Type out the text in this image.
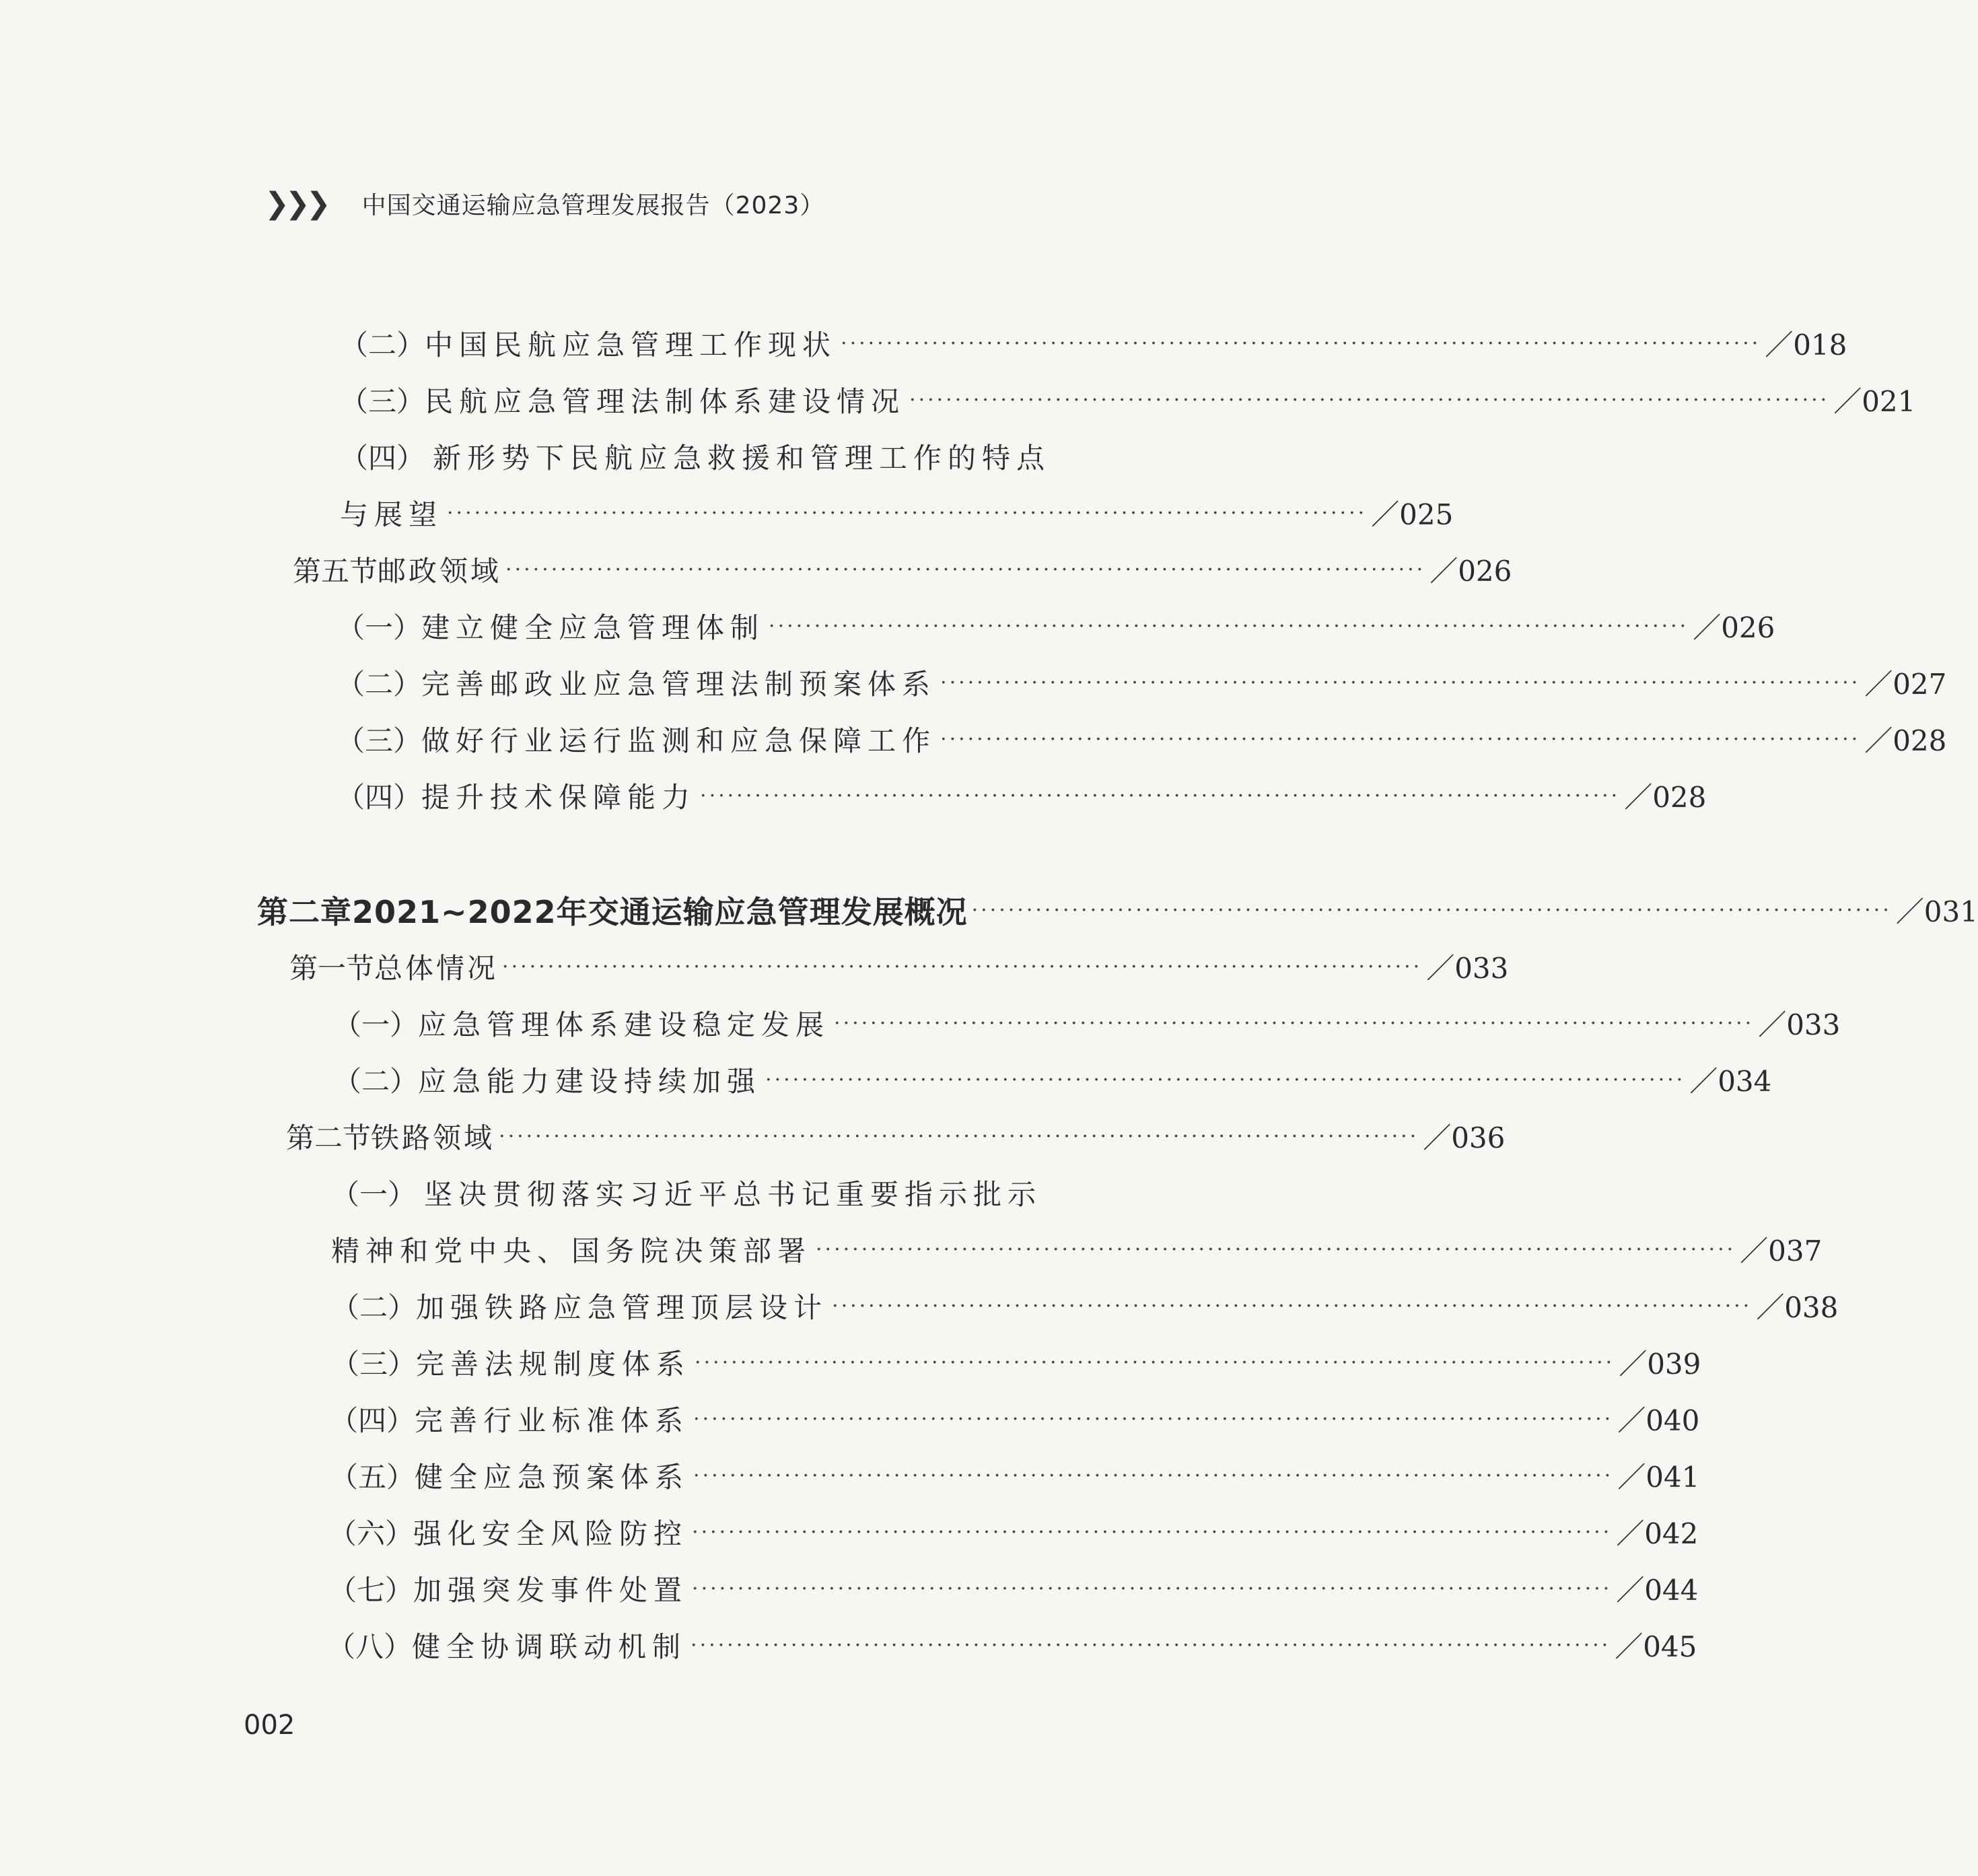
❯❯❯ 中国交通运输应急管理发展报告（2023）
（二） 中国民航应急管理工作现状 ····································································································· ／018
（三） 民航应急管理法制体系建设情况 ····································································································· ／021
（四） 新形势下民航应急救援和管理工作的特点
与展望 ····································································································· ／025
第五节 邮政领域 ····································································································· ／026
（一） 建立健全应急管理体制 ····································································································· ／026
（二） 完善邮政业应急管理法制预案体系 ····································································································· ／027
（三） 做好行业运行监测和应急保障工作 ····································································································· ／028
（四） 提升技术保障能力 ····································································································· ／028
第二章 2021~2022年交通运输应急管理发展概况 ····································································································· ／031
第一节 总体情况 ····································································································· ／033
（一） 应急管理体系建设稳定发展 ····································································································· ／033
（二） 应急能力建设持续加强 ····································································································· ／034
第二节 铁路领域 ····································································································· ／036
（一） 坚决贯彻落实习近平总书记重要指示批示
精神和党中央、国务院决策部署 ····································································································· ／037
（二） 加强铁路应急管理顶层设计 ····································································································· ／038
（三） 完善法规制度体系 ····································································································· ／039
（四） 完善行业标准体系 ····································································································· ／040
（五） 健全应急预案体系 ····································································································· ／041
（六） 强化安全风险防控 ····································································································· ／042
（七） 加强突发事件处置 ····································································································· ／044
（八） 健全协调联动机制 ····································································································· ／045
002
